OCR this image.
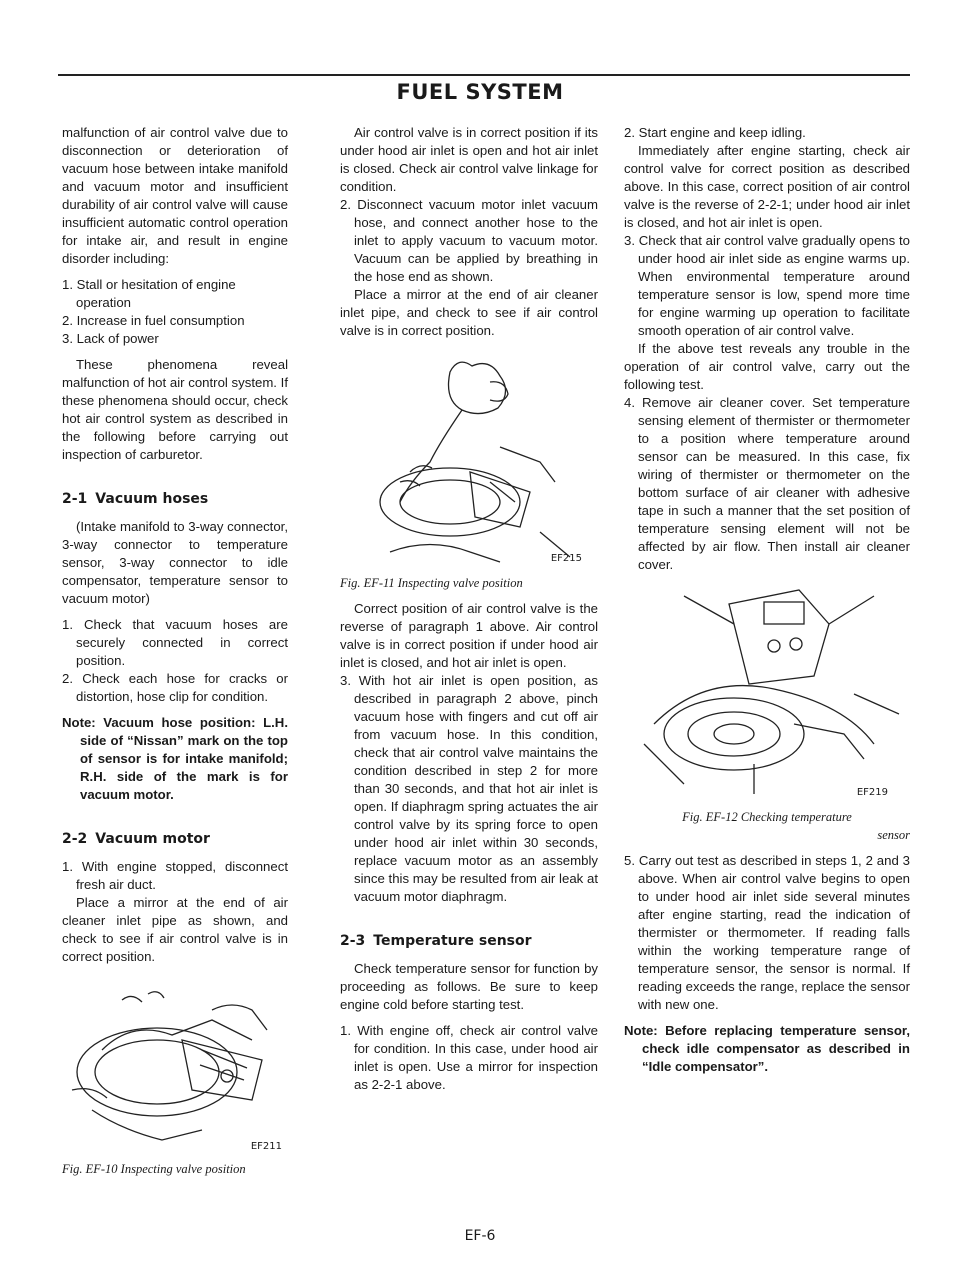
FUEL SYSTEM

malfunction of air control valve due to disconnection or deterioration of vacuum hose between intake manifold and vacuum motor and insufficient durability of air control valve will cause insufficient automatic control operation for intake air, and result in engine disorder including:

1. Stall or hesitation of engine operation

2. Increase in fuel consumption

3. Lack of power

These phenomena reveal malfunction of hot air control system. If these phenomena should occur, check hot air control system as described in the following before carrying out inspection of carburetor.

2-1 Vacuum hoses

(Intake manifold to 3-way connector, 3-way connector to temperature sensor, 3-way connector to idle compensator, temperature sensor to vacuum motor)

1. Check that vacuum hoses are securely connected in correct position.

2. Check each hose for cracks or distortion, hose clip for condition.

Note: Vacuum hose position: L.H. side of “Nissan” mark on the top of sensor is for intake manifold; R.H. side of the mark is for vacuum motor.

2-2 Vacuum motor

1. With engine stopped, disconnect fresh air duct.

Place a mirror at the end of air cleaner inlet pipe as shown, and check to see if air control valve is in correct position.

EF211

Fig. EF-10 Inspecting valve position

Air control valve is in correct position if its under hood air inlet is open and hot air inlet is closed. Check air control valve linkage for condition.

2. Disconnect vacuum motor inlet vacuum hose, and connect another hose to the inlet to apply vacuum to vacuum motor. Vacuum can be applied by breathing in the hose end as shown.

Place a mirror at the end of air cleaner inlet pipe, and check to see if air control valve is in correct position.

EF215

Fig. EF-11 Inspecting valve position

Correct position of air control valve is the reverse of paragraph 1 above. Air control valve is in correct position if under hood air inlet is closed, and hot air inlet is open.

3. With hot air inlet is open position, as described in paragraph 2 above, pinch vacuum hose with fingers and cut off air from vacuum hose. In this condition, check that air control valve maintains the condition described in step 2 for more than 30 seconds, and that hot air inlet is open. If diaphragm spring actuates the air control valve by its spring force to open under hood air inlet within 30 seconds, replace vacuum motor as an assembly since this may be resulted from air leak at vacuum motor diaphragm.

2-3 Temperature sensor

Check temperature sensor for function by proceeding as follows. Be sure to keep engine cold before starting test.

1. With engine off, check air control valve for condition. In this case, under hood air inlet is open. Use a mirror for inspection as 2-2-1 above.

2. Start engine and keep idling.

Immediately after engine starting, check air control valve for correct position as described above. In this case, correct position of air control valve is the reverse of 2-2-1; under hood air inlet is closed, and hot air inlet is open.

3. Check that air control valve gradually opens to under hood air inlet side as engine warms up. When environmental temperature around temperature sensor is low, spend more time for engine warming up operation to facilitate smooth operation of air control valve.

If the above test reveals any trouble in the operation of air control valve, carry out the following test.

4. Remove air cleaner cover. Set temperature sensing element of thermister or thermometer to a position where temperature around sensor can be measured. In this case, fix wiring of thermister or thermometer on the bottom surface of air cleaner with adhesive tape in such a manner that the set position of temperature sensing element will not be affected by air flow. Then install air cleaner cover.

EF219

Fig. EF-12 Checking temperature

sensor

5. Carry out test as described in steps 1, 2 and 3 above. When air control valve begins to open to under hood air inlet side several minutes after engine starting, read the indication of thermister or thermometer. If reading falls within the working temperature range of temperature sensor, the sensor is normal. If reading exceeds the range, replace the sensor with new one.

Note: Before replacing temperature sensor, check idle compensator as described in “Idle compensator”.

EF-6
